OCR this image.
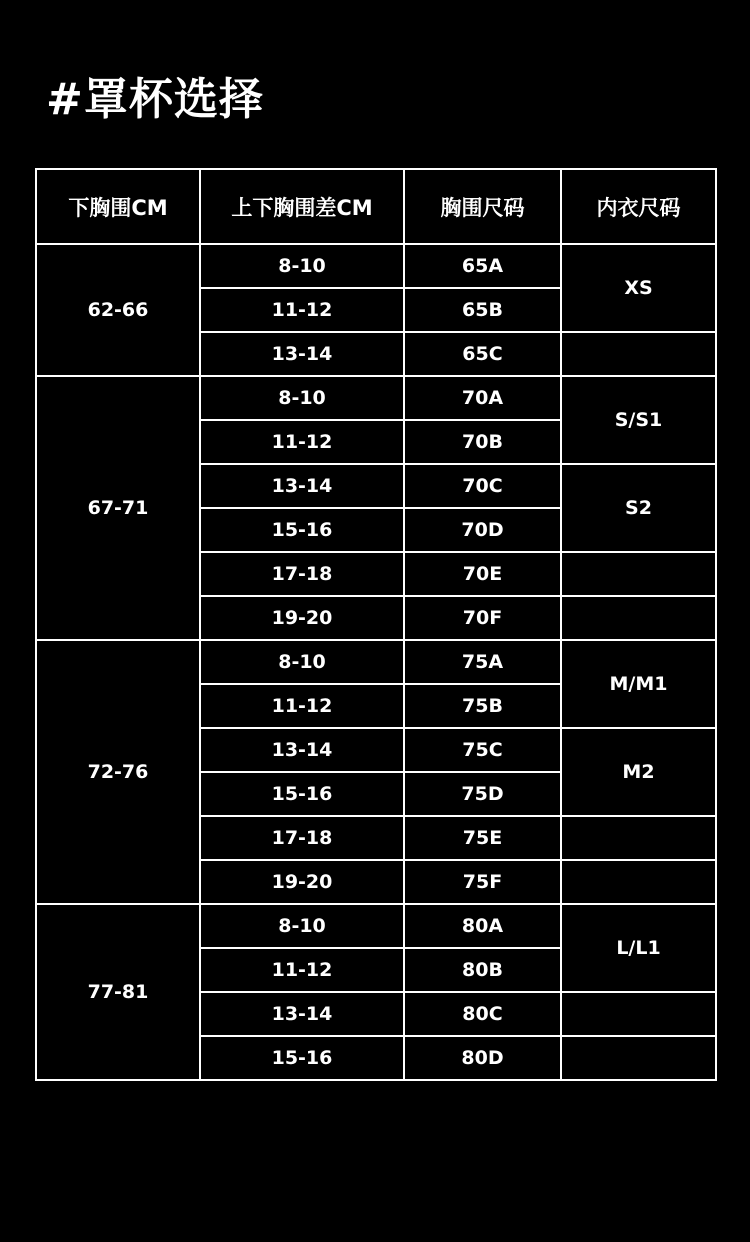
#罩杯选择
下胸围CM	上下胸围差CM	胸围尺码	内衣尺码
62-66	8-10	65A	XS
	11-12	65B	
	13-14	65C	
67-71	8-10	70A	S/S1
	11-12	70B	
	13-14	70C	S2
	15-16	70D	
	17-18	70E	
	19-20	70F	
72-76	8-10	75A	M/M1
	11-12	75B	
	13-14	75C	M2
	15-16	75D	
	17-18	75E	
	19-20	75F	
77-81	8-10	80A	L/L1
	11-12	80B	
	13-14	80C	
	15-16	80D	
